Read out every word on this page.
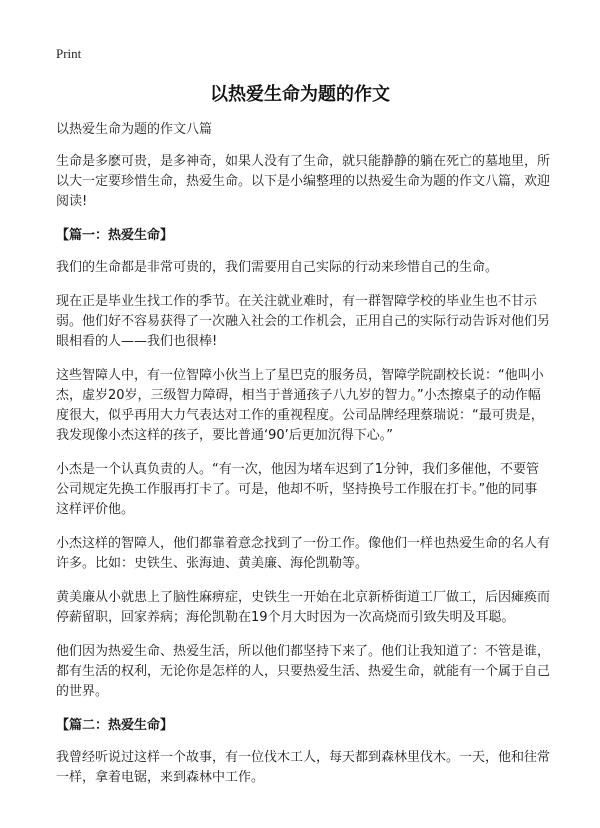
Print
以热爱生命为题的作文

以热爱生命为题的作文八篇

生命是多麽可贵，是多神奇，如果人没有了生命，就只能静静的躺在死亡的墓地里，所以大一定要珍惜生命，热爱生命。以下是小编整理的以热爱生命为题的作文八篇，欢迎阅读!

【篇一：热爱生命】

我们的生命都是非常可贵的，我们需要用自己实际的行动来珍惜自己的生命。

现在正是毕业生找工作的季节。在关注就业难时，有一群智障学校的毕业生也不甘示弱。他们好不容易获得了一次融入社会的工作机会，正用自己的实际行动告诉对他们另眼相看的人——我们也很棒!

这些智障人中，有一位智障小伙当上了星巴克的服务员，智障学院副校长说：“他叫小杰，虚岁20岁，三级智力障碍，相当于普通孩子八九岁的智力。”小杰擦桌子的动作幅度很大，似乎再用大力气表达对工作的重视程度。公司品牌经理蔡瑞说：“最可贵是，我发现像小杰这样的孩子，要比普通‘90’后更加沉得下心。”

小杰是一个认真负责的人。“有一次，他因为堵车迟到了1分钟，我们多催他，不要管公司规定先换工作服再打卡了。可是，他却不听，坚持换号工作服在打卡。”他的同事这样评价他。

小杰这样的智障人，他们都靠着意念找到了一份工作。像他们一样也热爱生命的名人有许多。比如：史铁生、张海迪、黄美廉、海伦凯勒等。

黄美廉从小就患上了脑性麻痹症，史铁生一开始在北京新桥街道工厂做工，后因瘫痪而停薪留职，回家养病；海伦凯勒在19个月大时因为一次高烧而引致失明及耳聪。

他们因为热爱生命、热爱生活，所以他们都坚持下来了。他们让我知道了：不管是谁，都有生活的权利，无论你是怎样的人，只要热爱生活、热爱生命，就能有一个属于自己的世界。

【篇二：热爱生命】

我曾经听说过这样一个故事，有一位伐木工人，每天都到森林里伐木。一天，他和往常一样，拿着电锯，来到森林中工作。
